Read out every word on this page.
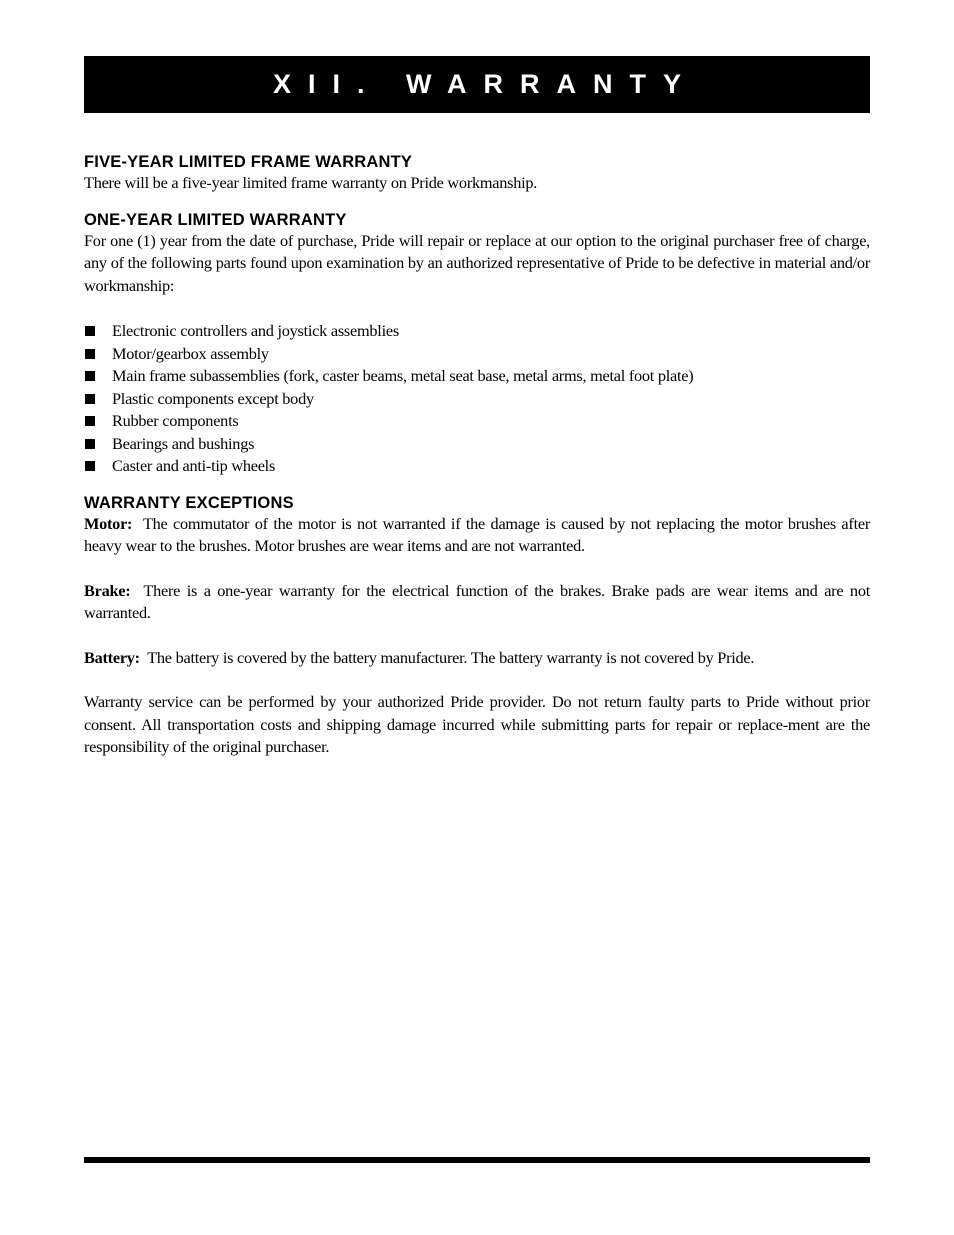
XII. WARRANTY
FIVE-YEAR LIMITED FRAME WARRANTY

There will be a five-year limited frame warranty on Pride workmanship.

ONE-YEAR LIMITED WARRANTY

For one (1) year from the date of purchase, Pride will repair or replace at our option to the original purchaser free of charge, any of the following parts found upon examination by an authorized representative of Pride to be defective in material and/or workmanship:

Electronic controllers and joystick assemblies
Motor/gearbox assembly
Main frame subassemblies (fork, caster beams, metal seat base, metal arms, metal foot plate)
Plastic components except body
Rubber components
Bearings and bushings
Caster and anti-tip wheels
WARRANTY EXCEPTIONS

Motor: The commutator of the motor is not warranted if the damage is caused by not replacing the motor brushes after heavy wear to the brushes. Motor brushes are wear items and are not warranted.

Brake: There is a one-year warranty for the electrical function of the brakes. Brake pads are wear items and are not warranted.

Battery: The battery is covered by the battery manufacturer. The battery warranty is not covered by Pride.

Warranty service can be performed by your authorized Pride provider. Do not return faulty parts to Pride without prior consent. All transportation costs and shipping damage incurred while submitting parts for repair or replace-ment are the responsibility of the original purchaser.
